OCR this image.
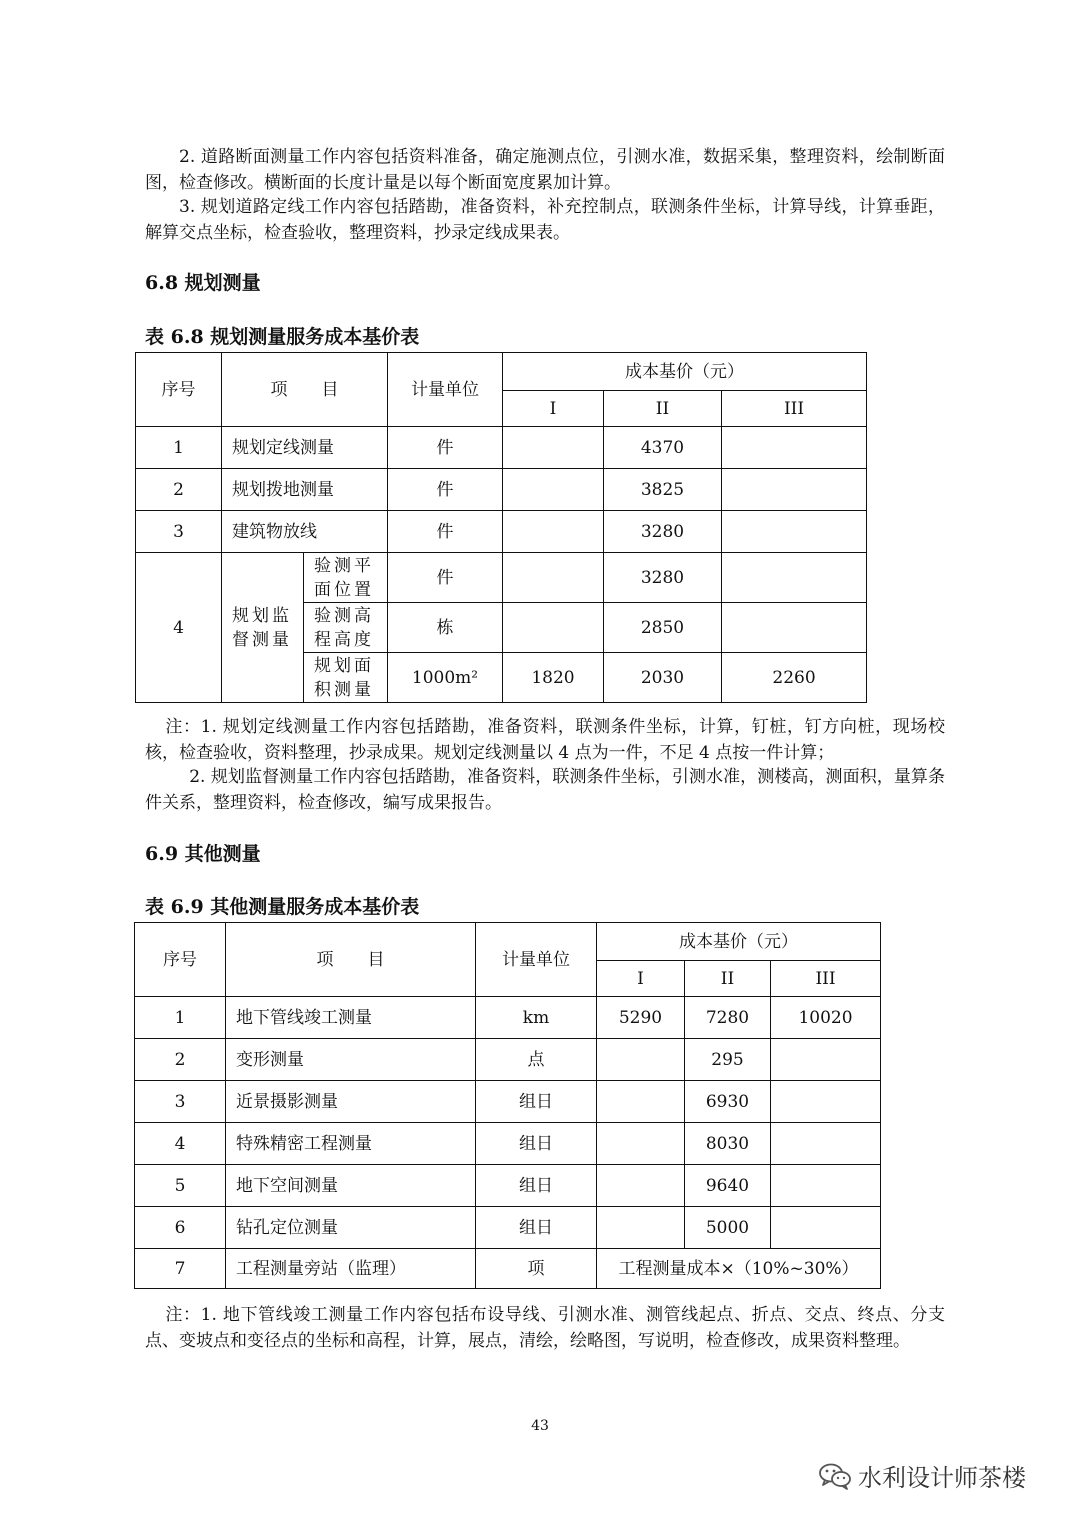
2. 道路断面测量工作内容包括资料准备，确定施测点位，引测水准，数据采集，整理资料，绘制断面图，检查修改。横断面的长度计量是以每个断面宽度累加计算。

3. 规划道路定线工作内容包括踏勘，准备资料，补充控制点，联测条件坐标，计算导线，计算垂距，解算交点坐标，检查验收，整理资料，抄录定线成果表。

6.8 规划测量
表 6.8 规划测量服务成本基价表
序号	项　　目		计量单位	成本基价（元）		
				I	II	III
1	规划定线测量		件		4370	
2	规划拨地测量		件		3825	
3	建筑物放线		件		3280	
4	规划监督测量	验测平面位置	件		3280	
		验测高程高度	栋		2850	
		规划面积测量	1000m²	1820	2030	2260

注：1. 规划定线测量工作内容包括踏勘，准备资料，联测条件坐标，计算，钉桩，钉方向桩，现场校核，检查验收，资料整理，抄录成果。规划定线测量以 4 点为一件，不足 4 点按一件计算；

2. 规划监督测量工作内容包括踏勘，准备资料，联测条件坐标，引测水准，测楼高，测面积，量算条件关系，整理资料，检查修改，编写成果报告。

6.9 其他测量
表 6.9 其他测量服务成本基价表
序号	项　　目	计量单位	成本基价（元）		
			I	II	III
1	地下管线竣工测量	km	5290	7280	10020
2	变形测量	点		295	
3	近景摄影测量	组日		6930	
4	特殊精密工程测量	组日		8030	
5	地下空间测量	组日		9640	
6	钻孔定位测量	组日		5000	
7	工程测量旁站（监理）	项	工程测量成本×（10%~30%）		

注：1. 地下管线竣工测量工作内容包括布设导线、引测水准、测管线起点、折点、交点、终点、分支点、变坡点和变径点的坐标和高程，计算，展点，清绘，绘略图，写说明，检查修改，成果资料整理。

43
水利设计师茶楼
